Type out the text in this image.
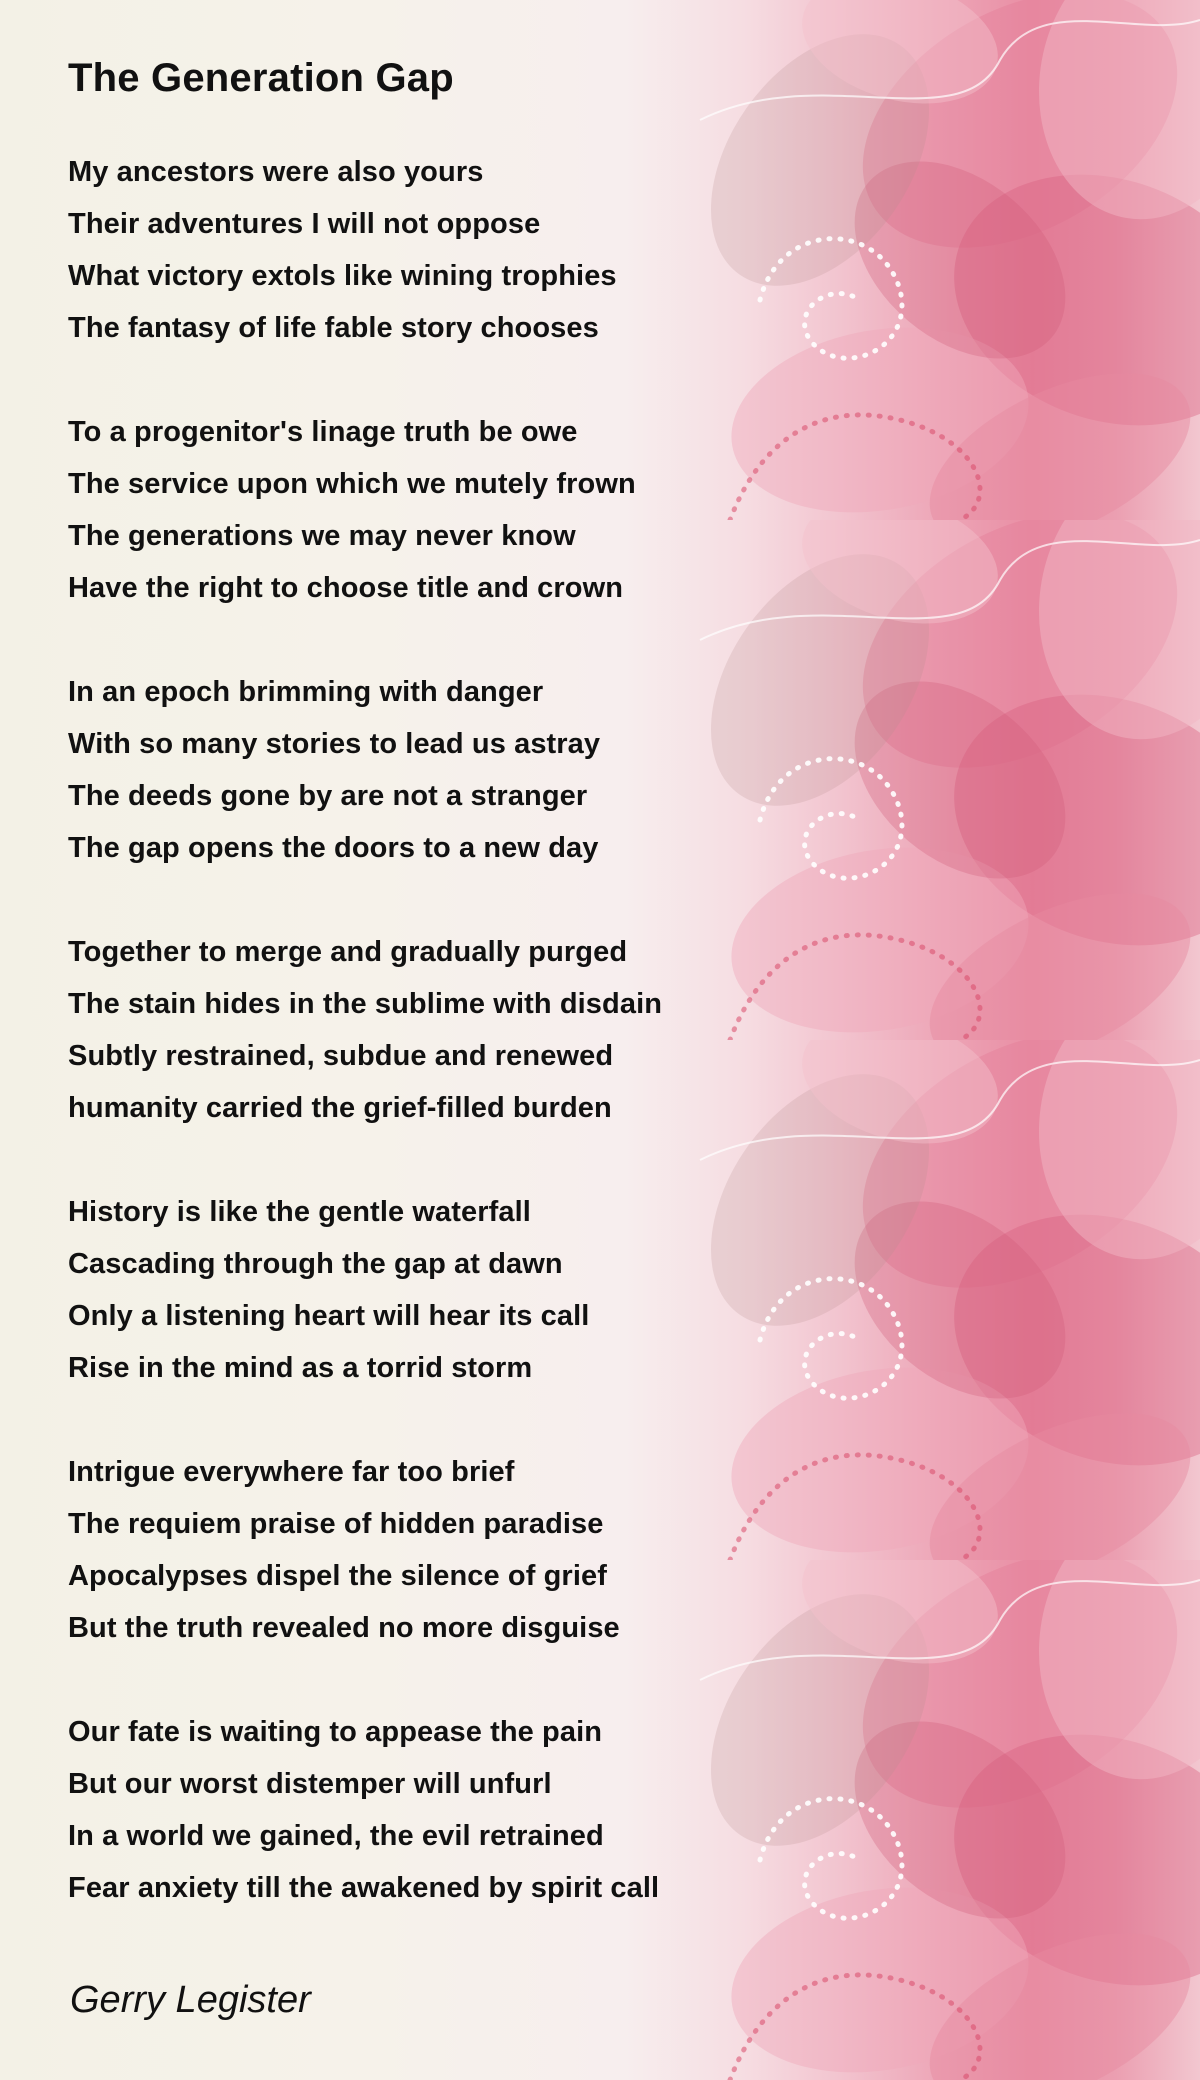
The Generation Gap
My ancestors were also yours
Their adventures I will not oppose
What victory extols like wining trophies
The fantasy of life fable story chooses
To a progenitor's linage truth be owe
The service upon which we mutely frown
The generations we may never know
Have the right to choose title and crown
In an epoch brimming with danger
With so many stories to lead us astray
The deeds gone by are not a stranger
The gap opens the doors to a new day
Together to merge and gradually purged
The stain hides in the sublime with disdain
Subtly restrained, subdue and renewed
humanity carried the grief-filled burden
History is like the gentle waterfall
Cascading through the gap at dawn
Only a listening heart will hear its call
Rise in the mind as a torrid storm
Intrigue everywhere far too brief
The requiem praise of hidden paradise
Apocalypses dispel the silence of grief
But the truth revealed no more disguise
Our fate is waiting to appease the pain
But our worst distemper will unfurl
In a world we gained, the evil retrained
Fear anxiety till the awakened by spirit call
Gerry Legister
